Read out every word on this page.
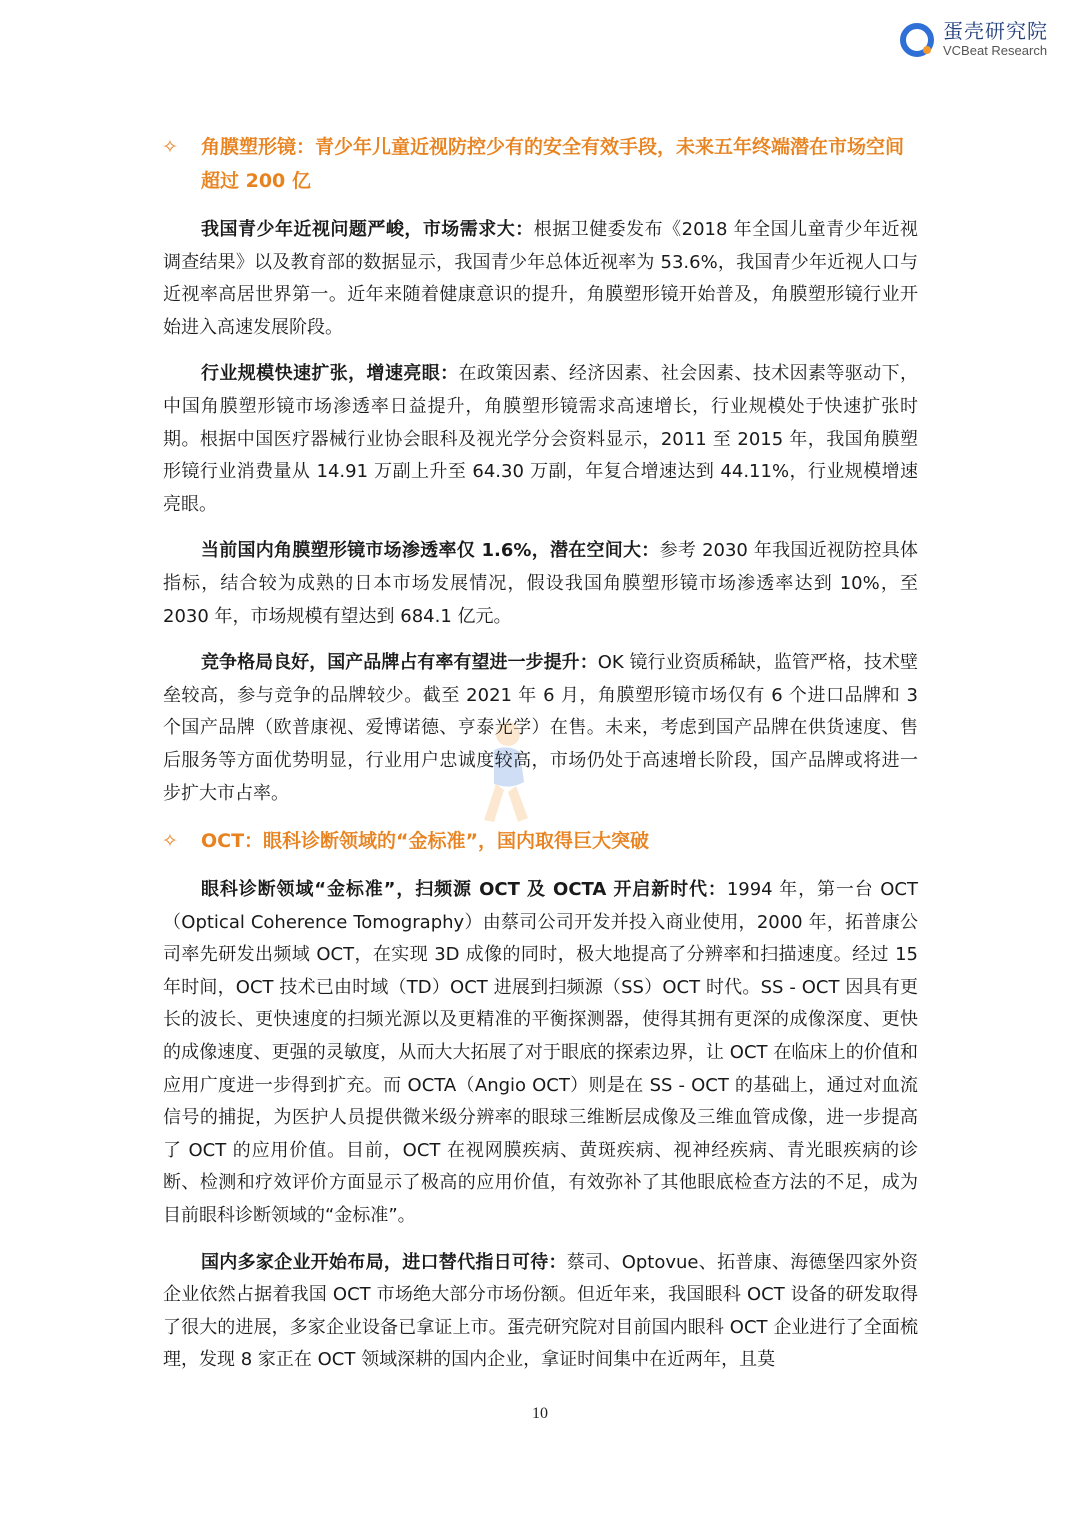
蛋壳研究院
VCBeat Research
✧	角膜塑形镜：青少年儿童近视防控少有的安全有效手段，未来五年终端潜在市场空间超过 200 亿

我国青少年近视问题严峻，市场需求大：根据卫健委发布《2018 年全国儿童青少年近视调查结果》以及教育部的数据显示，我国青少年总体近视率为 53.6%，我国青少年近视人口与近视率高居世界第一。近年来随着健康意识的提升，角膜塑形镜开始普及，角膜塑形镜行业开始进入高速发展阶段。

行业规模快速扩张，增速亮眼：在政策因素、经济因素、社会因素、技术因素等驱动下，中国角膜塑形镜市场渗透率日益提升，角膜塑形镜需求高速增长，行业规模处于快速扩张时期。根据中国医疗器械行业协会眼科及视光学分会资料显示，2011 至 2015 年，我国角膜塑形镜行业消费量从 14.91 万副上升至 64.30 万副，年复合增速达到 44.11%，行业规模增速亮眼。

当前国内角膜塑形镜市场渗透率仅 1.6%，潜在空间大：参考 2030 年我国近视防控具体指标，结合较为成熟的日本市场发展情况，假设我国角膜塑形镜市场渗透率达到 10%，至 2030 年，市场规模有望达到 684.1 亿元。

竞争格局良好，国产品牌占有率有望进一步提升：OK 镜行业资质稀缺，监管严格，技术壁垒较高，参与竞争的品牌较少。截至 2021 年 6 月，角膜塑形镜市场仅有 6 个进口品牌和 3 个国产品牌（欧普康视、爱博诺德、亨泰光学）在售。未来，考虑到国产品牌在供货速度、售后服务等方面优势明显，行业用户忠诚度较高，市场仍处于高速增长阶段，国产品牌或将进一步扩大市占率。

✧	OCT：眼科诊断领域的“金标准”，国内取得巨大突破

眼科诊断领域“金标准”，扫频源 OCT 及 OCTA 开启新时代：1994 年，第一台 OCT（Optical Coherence Tomography）由蔡司公司开发并投入商业使用，2000 年，拓普康公司率先研发出频域 OCT，在实现 3D 成像的同时，极大地提高了分辨率和扫描速度。经过 15 年时间，OCT 技术已由时域（TD）OCT 进展到扫频源（SS）OCT 时代。SS - OCT 因具有更长的波长、更快速度的扫频光源以及更精准的平衡探测器，使得其拥有更深的成像深度、更快的成像速度、更强的灵敏度，从而大大拓展了对于眼底的探索边界，让 OCT 在临床上的价值和应用广度进一步得到扩充。而 OCTA（Angio OCT）则是在 SS - OCT 的基础上，通过对血流信号的捕捉，为医护人员提供微米级分辨率的眼球三维断层成像及三维血管成像，进一步提高了 OCT 的应用价值。目前，OCT 在视网膜疾病、黄斑疾病、视神经疾病、青光眼疾病的诊断、检测和疗效评价方面显示了极高的应用价值，有效弥补了其他眼底检查方法的不足，成为目前眼科诊断领域的“金标准”。

国内多家企业开始布局，进口替代指日可待：蔡司、Optovue、拓普康、海德堡四家外资企业依然占据着我国 OCT 市场绝大部分市场份额。但近年来，我国眼科 OCT 设备的研发取得了很大的进展，多家企业设备已拿证上市。蛋壳研究院对目前国内眼科 OCT 企业进行了全面梳理，发现 8 家正在 OCT 领域深耕的国内企业，拿证时间集中在近两年，且莫

10
